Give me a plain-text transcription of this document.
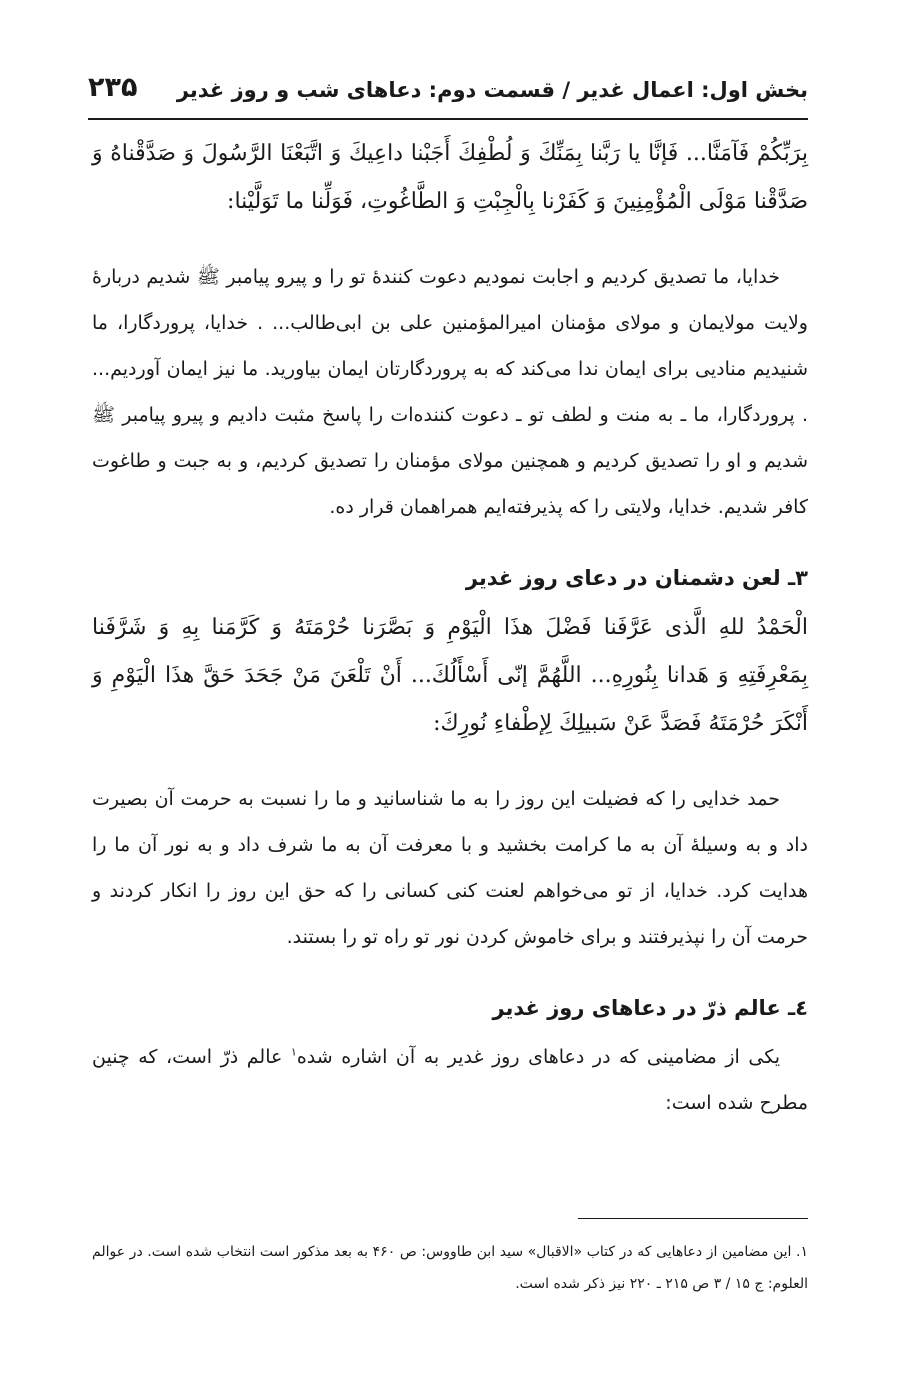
بخش اول: اعمال غدیر / قسمت دوم: دعاهای شب و روز غدیر
۲۳۵

بِرَبِّكُمْ فَآمَنَّا... فَإنَّا يا رَبَّنا بِمَنِّكَ وَ لُطْفِكَ أَجَبْنا داعِيكَ وَ اتَّبَعْنَا الرَّسُولَ وَ صَدَّقْناهُ وَ صَدَّقْنا مَوْلَى الْمُؤْمِنِينَ وَ كَفَرْنا بِالْجِبْتِ وَ الطَّاغُوتِ، فَوَلِّنا ما تَوَلَّيْنا:

خدایا، ما تصدیق کردیم و اجابت نمودیم دعوت کنندهٔ تو را و پیرو پیامبر ﷺ شدیم دربارهٔ ولایت مولایمان و مولای مؤمنان امیرالمؤمنین علی بن ابی‌طالب... . خدایا، پروردگارا، ما شنیدیم منادیی برای ایمان ندا می‌کند که به پروردگارتان ایمان بیاورید. ما نیز ایمان آوردیم... . پروردگارا، ما ـ به منت و لطف تو ـ دعوت کننده‌ات را پاسخ مثبت دادیم و پیرو پیامبر ﷺ شدیم و او را تصدیق کردیم و همچنین مولای مؤمنان را تصدیق کردیم، و به جبت و طاغوت کافر شدیم. خدایا، ولایتی را که پذیرفته‌ایم همراهمان قرار ده.

۳ـ لعن دشمنان در دعای روز غدیر

الْحَمْدُ للهِ الَّذى عَرَّفَنا فَضْلَ هذَا الْيَوْمِ وَ بَصَّرَنا حُرْمَتَهُ وَ كَرَّمَنا بِهِ وَ شَرَّفَنا بِمَعْرِفَتِهِ وَ هَدانا بِنُورِهِ... اللَّهُمَّ إنّى أَسْأَلُكَ... أَنْ تَلْعَنَ مَنْ جَحَدَ حَقَّ هذَا الْيَوْمِ وَ أَنْكَرَ حُرْمَتَهُ فَصَدَّ عَنْ سَبيلِكَ لِإطْفاءِ نُورِكَ:

حمد خدایی را که فضیلت این روز را به ما شناسانید و ما را نسبت به حرمت آن بصیرت داد و به وسیلهٔ آن به ما کرامت بخشید و با معرفت آن به ما شرف داد و به نور آن ما را هدایت کرد. خدایا، از تو می‌خواهم لعنت کنی کسانی را که حق این روز را انکار کردند و حرمت آن را نپذیرفتند و برای خاموش کردن نور تو راه تو را بستند.

٤ـ عالم ذرّ در دعاهای روز غدیر

یکی از مضامینی که در دعاهای روز غدیر به آن اشاره شده$^۱$ عالم ذرّ است، که چنین مطرح شده است:

۱. این مضامین از دعاهایی که در کتاب «الاقبال» سید ابن طاووس: ص ۴۶۰ به بعد مذکور است انتخاب شده است. در عوالم العلوم: ج ۱۵ / ۳ ص ۲۱۵ ـ ۲۲۰ نیز ذکر شده است.
